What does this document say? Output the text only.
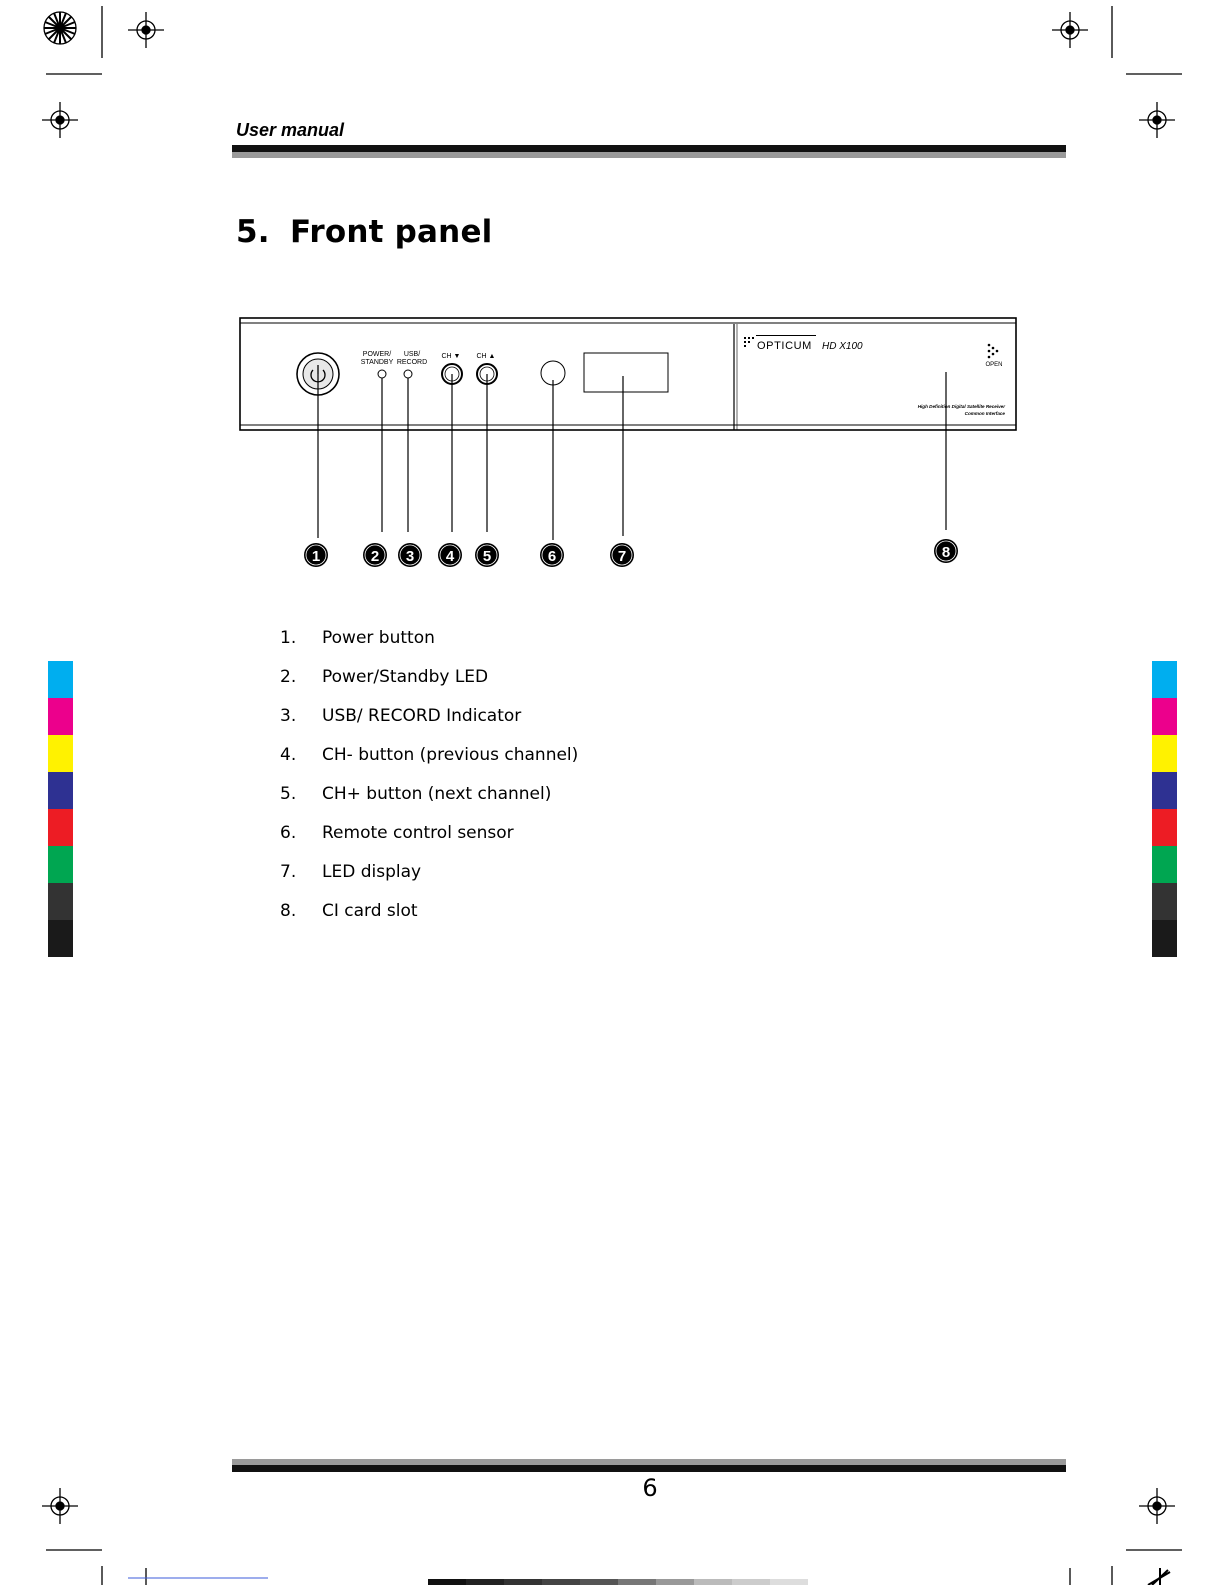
User manual
5. Front panel
POWER/
STANDBY
USB/
RECORD
CH ▼ CH ▲
OPTICUM HD X100
OPEN
High Definition Digital Satellite Receiver
Common Interface
1	2 3 4 5	6	7	8
1.	Power button
2.	Power/Standby LED
3.	USB/ RECORD Indicator
4.	CH- button (previous channel)
5.	CH+ button (next channel)
6.	Remote control sensor
7.	LED display
8.	CI card slot
6
